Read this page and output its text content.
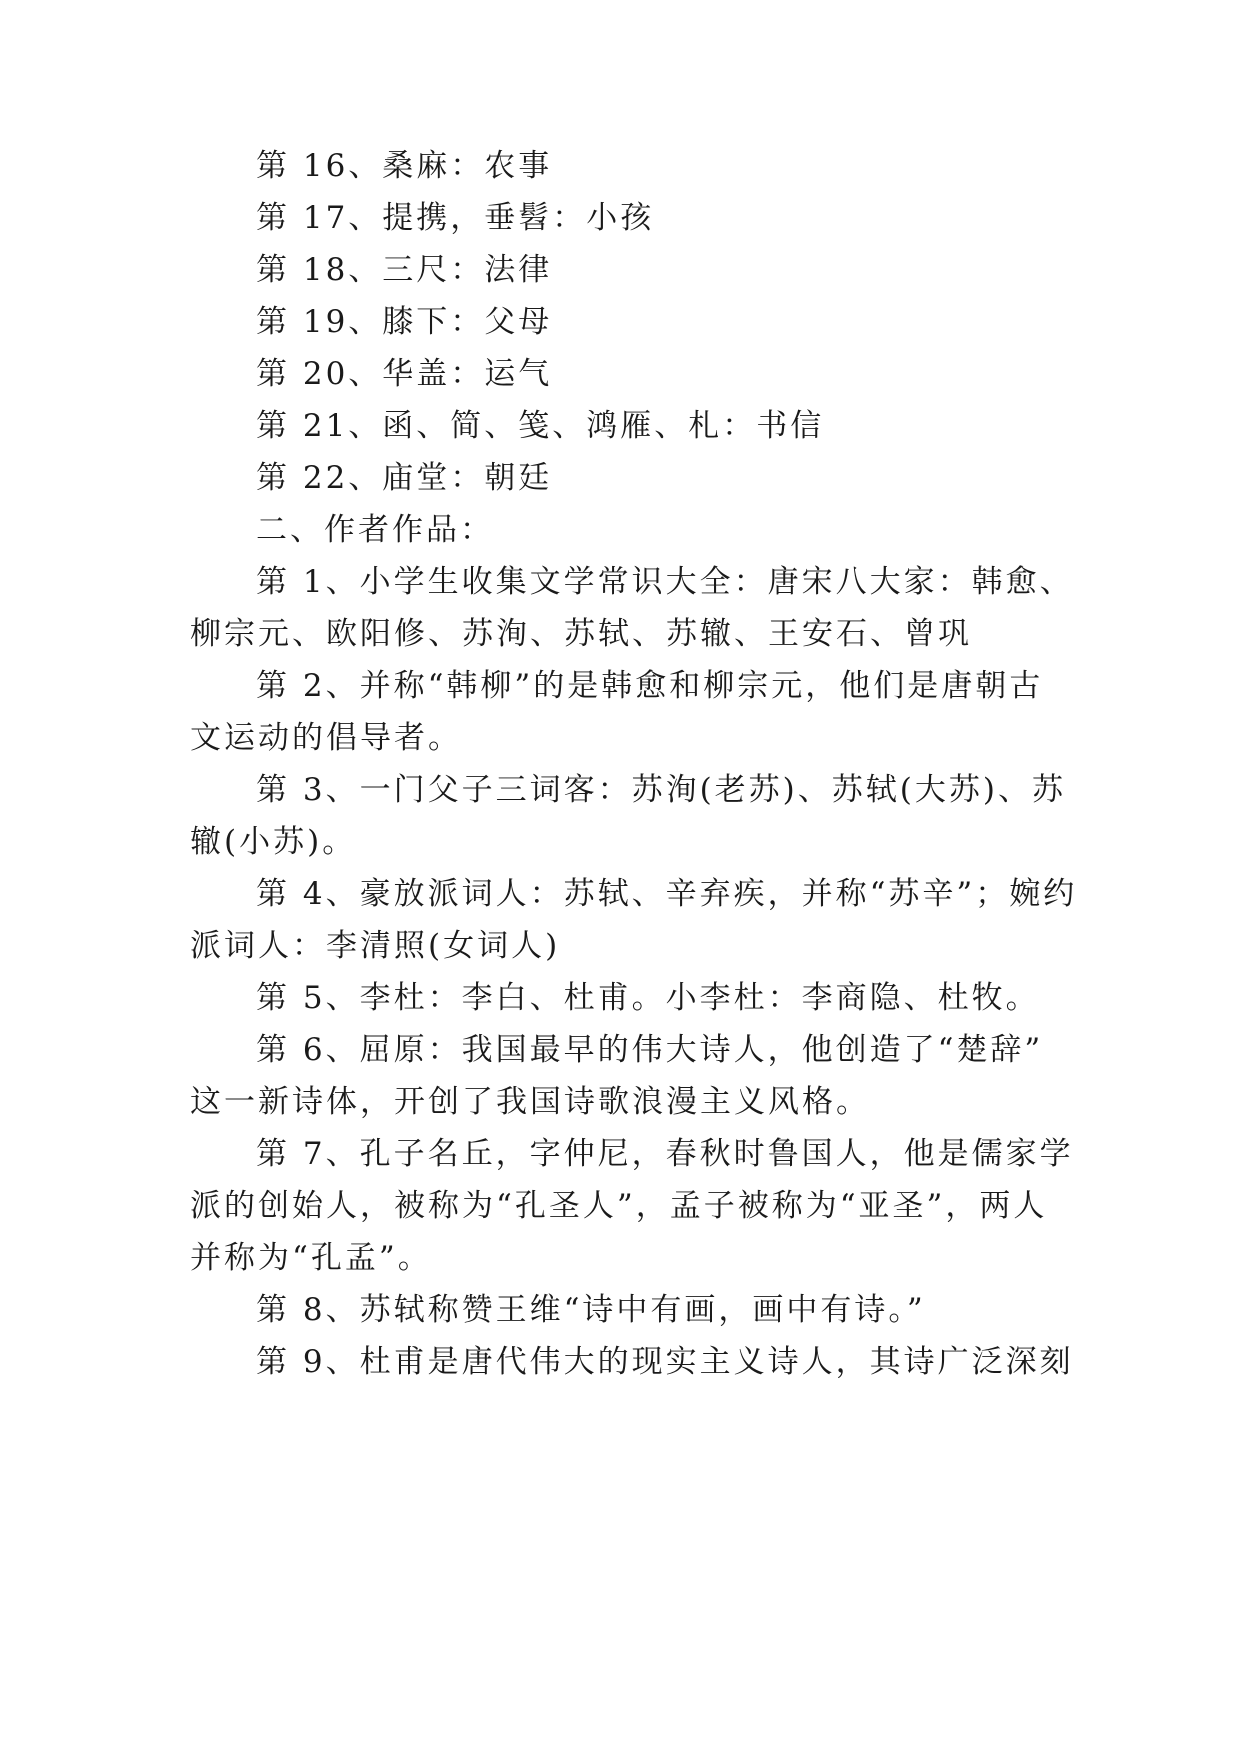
第 16、桑麻：农事
第 17、提携，垂髫：小孩
第 18、三尺：法律
第 19、膝下：父母
第 20、华盖：运气
第 21、函、简、笺、鸿雁、札：书信
第 22、庙堂：朝廷
二、作者作品：
第 1、小学生收集文学常识大全：唐宋八大家：韩愈、
柳宗元、欧阳修、苏洵、苏轼、苏辙、王安石、曾巩
第 2、并称“韩柳”的是韩愈和柳宗元，他们是唐朝古
文运动的倡导者。
第 3、一门父子三词客：苏洵(老苏)、苏轼(大苏)、苏
辙(小苏)。
第 4、豪放派词人：苏轼、辛弃疾，并称“苏辛”；婉约
派词人：李清照(女词人)
第 5、李杜：李白、杜甫。小李杜：李商隐、杜牧。
第 6、屈原：我国最早的伟大诗人，他创造了“楚辞”
这一新诗体，开创了我国诗歌浪漫主义风格。
第 7、孔子名丘，字仲尼，春秋时鲁国人，他是儒家学
派的创始人，被称为“孔圣人”，孟子被称为“亚圣”，两人
并称为“孔孟”。
第 8、苏轼称赞王维“诗中有画，画中有诗。”
第 9、杜甫是唐代伟大的现实主义诗人，其诗广泛深刻
